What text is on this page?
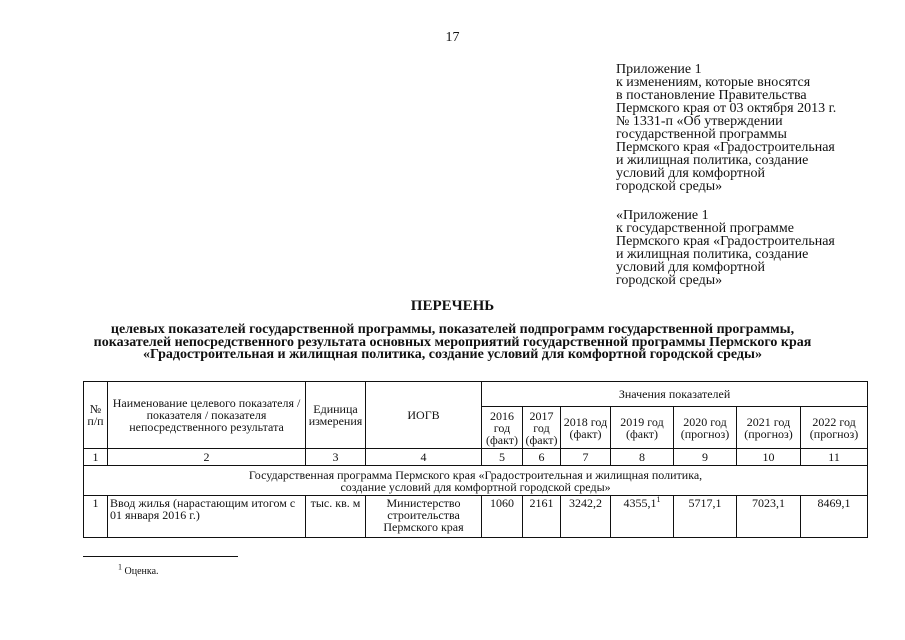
17
Приложение 1
к изменениям, которые вносятся
в постановление Правительства
Пермского края от 03 октября 2013 г.
№ 1331-п «Об утверждении
государственной программы
Пермского края «Градостроительная
и жилищная политика, создание
условий для комфортной
городской среды»
«Приложение 1
к государственной программе
Пермского края «Градостроительная
и жилищная политика, создание
условий для комфортной
городской среды»
ПЕРЕЧЕНЬ
целевых показателей государственной программы, показателей подпрограмм государственной программы,
показателей непосредственного результата основных мероприятий государственной программы Пермского края
«Градостроительная и жилищная политика, создание условий для комфортной городской среды»
№ п/п	Наименование целевого показателя / показателя / показателя непосредственного результата	Единица измерения	ИОГВ	Значения показателей						
				2016 год (факт)	2017 год (факт)	2018 год (факт)	2019 год (факт)	2020 год (прогноз)	2021 год (прогноз)	2022 год (прогноз)
1	2	3	4	5	6	7	8	9	10	11

Государственная программа Пермского края «Градостроительная и жилищная политика,
создание условий для комфортной городской среды»										

1	Ввод жилья (нарастающим итогом с 01 января 2016 г.)	тыс. кв. м	Министерство строительства Пермского края	1060	2161	3242,2	4355,1$^1$	5717,1	7023,1	8469,1
$^1$ Оценка.
